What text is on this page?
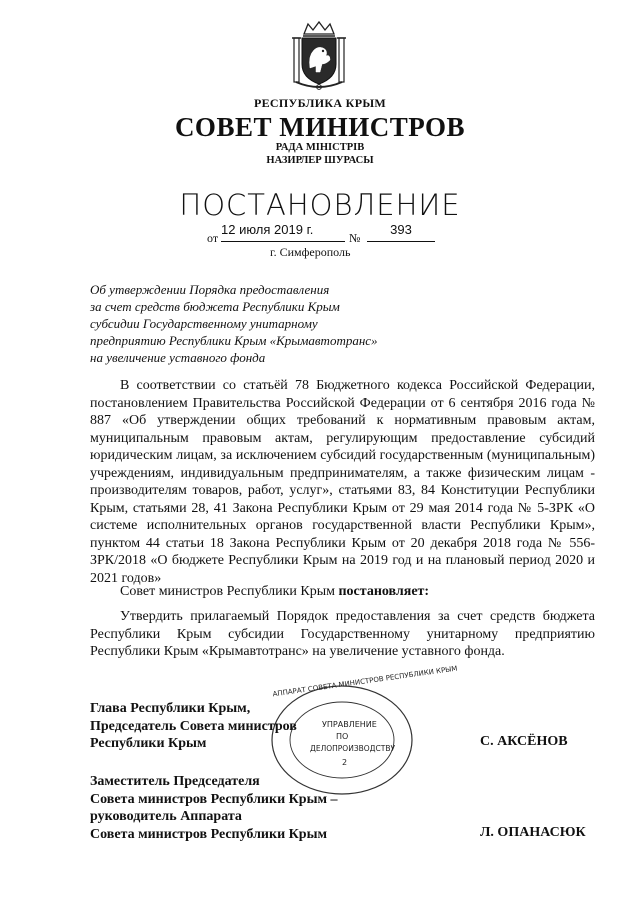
РЕСПУБЛИКА КРЫМ
СОВЕТ МИНИСТРОВ
РАДА МІНІСТРІВ
НАЗИРЛЕР ШУРАСЫ
ПОСТАНОВЛЕНИЕ
от
12 июля 2019 г.
№
393
г. Симферополь
Об утверждении Порядка предоставления
за счет средств бюджета Республики Крым
субсидии Государственному унитарному
предприятию Республики Крым «Крымавтотранс»
на увеличение уставного фонда
В соответствии со статьёй 78 Бюджетного кодекса Российской Федерации, постановлением Правительства Российской Федерации от 6 сентября 2016 года № 887 «Об утверждении общих требований к нормативным правовым актам, муниципальным правовым актам, регулирующим предоставление субсидий юридическим лицам, за исключением субсидий государственным (муниципальным) учреждениям, индивидуальным предпринимателям, а также физическим лицам - производителям товаров, работ, услуг», статьями 83, 84 Конституции Республики Крым, статьями 28, 41 Закона Республики Крым от 29 мая 2014 года № 5-ЗРК «О системе исполнительных органов государственной власти Республики Крым», пунктом 44 статьи 18 Закона Республики Крым от 20 декабря 2018 года № 556-ЗРК/2018 «О бюджете Республики Крым на 2019 год и на плановый период 2020 и 2021 годов»
Совет министров Республики Крым постановляет:
Утвердить прилагаемый Порядок предоставления за счет средств бюджета Республики Крым субсидии Государственному унитарному предприятию Республики Крым «Крымавтотранс» на увеличение уставного фонда.
АППАРАТ СОВЕТА МИНИСТРОВ РЕСПУБЛИКИ КРЫМ
УПРАВЛЕНИЕ
ПО
ДЕЛОПРОИЗВОДСТВУ
2
Глава Республики Крым,
Председатель Совета министров
Республики Крым	С. АКСЁНОВ
Заместитель Председателя
Совета министров Республики Крым –
руководитель Аппарата
Совета министров Республики Крым	Л. ОПАНАСЮК
